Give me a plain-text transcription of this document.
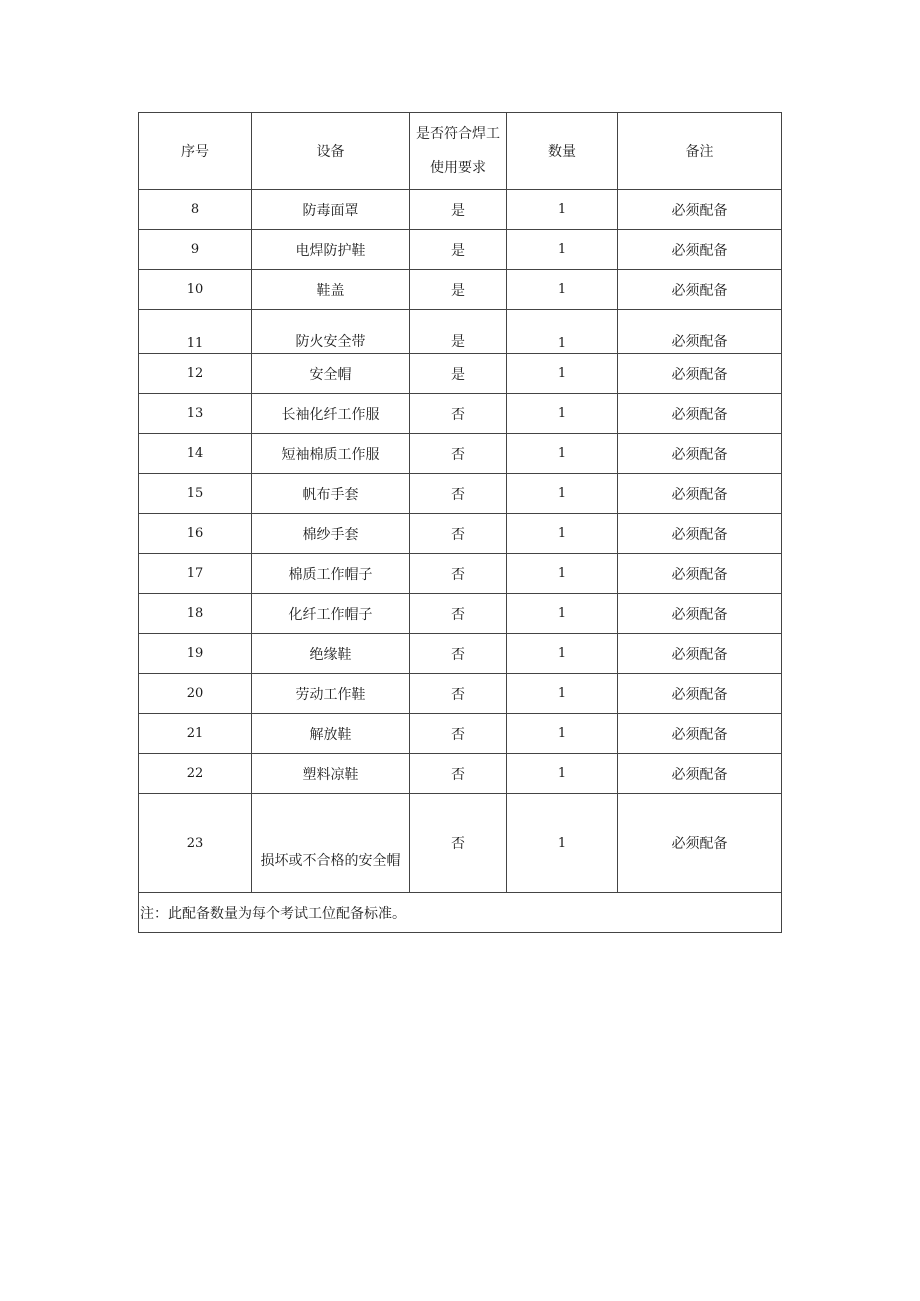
序号	设备	是否符合焊工使用要求	数量	备注
8	防毒面罩	是	1	必须配备
9	电焊防护鞋	是	1	必须配备
10	鞋盖	是	1	必须配备
11	防火安全带	是	1	必须配备
12	安全帽	是	1	必须配备
13	长袖化纤工作服	否	1	必须配备
14	短袖棉质工作服	否	1	必须配备
15	帆布手套	否	1	必须配备
16	棉纱手套	否	1	必须配备
17	棉质工作帽子	否	1	必须配备
18	化纤工作帽子	否	1	必须配备
19	绝缘鞋	否	1	必须配备
20	劳动工作鞋	否	1	必须配备
21	解放鞋	否	1	必须配备
22	塑料凉鞋	否	1	必须配备
23	损坏或不合格的安全帽	否	1	必须配备
注：此配备数量为每个考试工位配备标准。				
